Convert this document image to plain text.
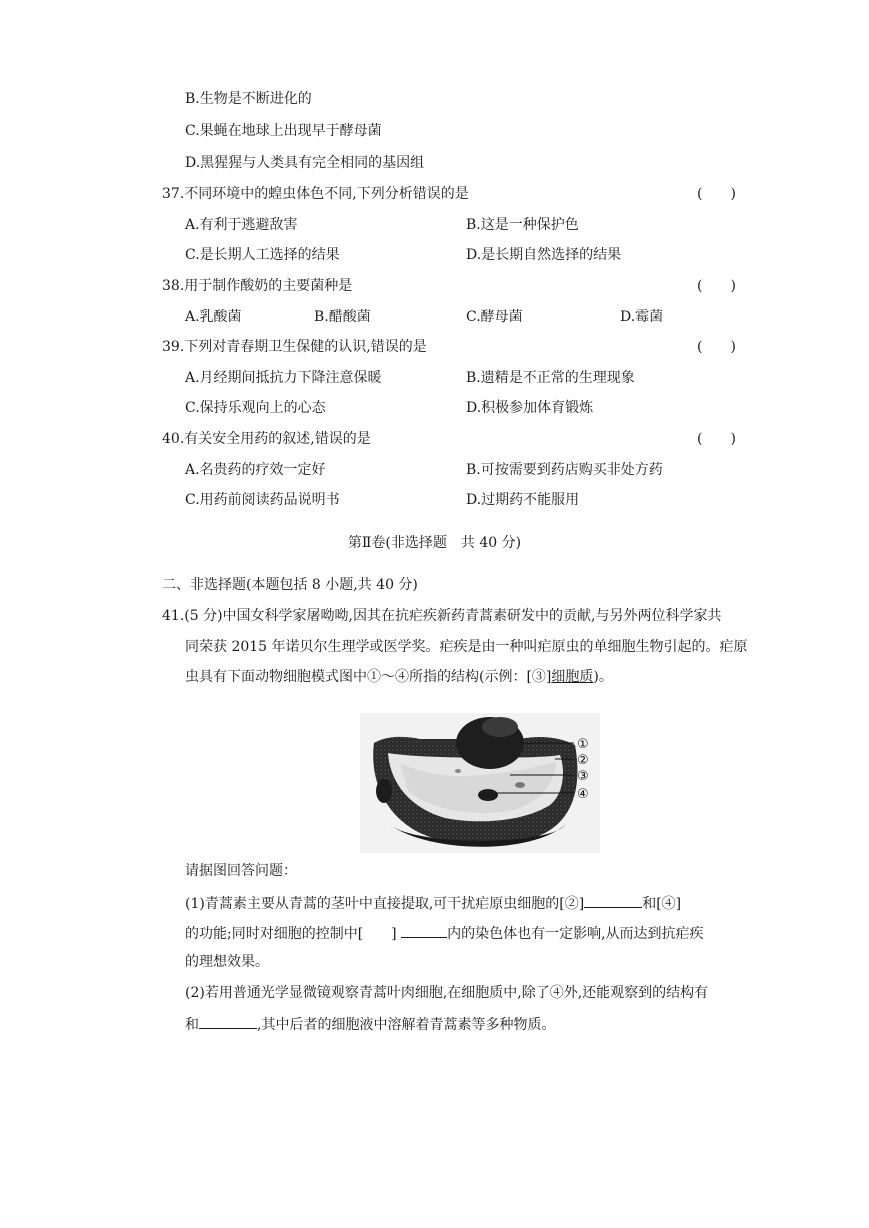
B.生物是不断进化的
C.果蝇在地球上出现早于酵母菌
D.黑猩猩与人类具有完全相同的基因组
37.不同环境中的蝗虫体色不同,下列分析错误的是	(　　)
A.有利于逃避敌害	B.这是一种保护色
C.是长期人工选择的结果	D.是长期自然选择的结果
38.用于制作酸奶的主要菌种是	(　　)
A.乳酸菌	B.醋酸菌	C.酵母菌	D.霉菌
39.下列对青春期卫生保健的认识,错误的是	(　　)
A.月经期间抵抗力下降注意保暖	B.遗精是不正常的生理现象
C.保持乐观向上的心态	D.积极参加体育锻炼
40.有关安全用药的叙述,错误的是	(　　)
A.名贵药的疗效一定好	B.可按需要到药店购买非处方药
C.用药前阅读药品说明书	D.过期药不能服用
第Ⅱ卷(非选择题　共 40 分)
二、非选择题(本题包括 8 小题,共 40 分)
41.(5 分)中国女科学家屠呦呦,因其在抗疟疾新药青蒿素研发中的贡献,与另外两位科学家共
同荣获 2015 年诺贝尔生理学或医学奖。疟疾是由一种叫疟原虫的单细胞生物引起的。疟原
虫具有下面动物细胞模式图中①～④所指的结构(示例：[③]细胞质)。
①
②
③
④
请据图回答问题：
(1)青蒿素主要从青蒿的茎叶中直接提取,可干扰疟原虫细胞的[②]	和[④]
的功能;同时对细胞的控制中[　　]	内的染色体也有一定影响,从而达到抗疟疾
的理想效果。
(2)若用普通光学显微镜观察青蒿叶肉细胞,在细胞质中,除了④外,还能观察到的结构有
和	,其中后者的细胞液中溶解着青蒿素等多种物质。
